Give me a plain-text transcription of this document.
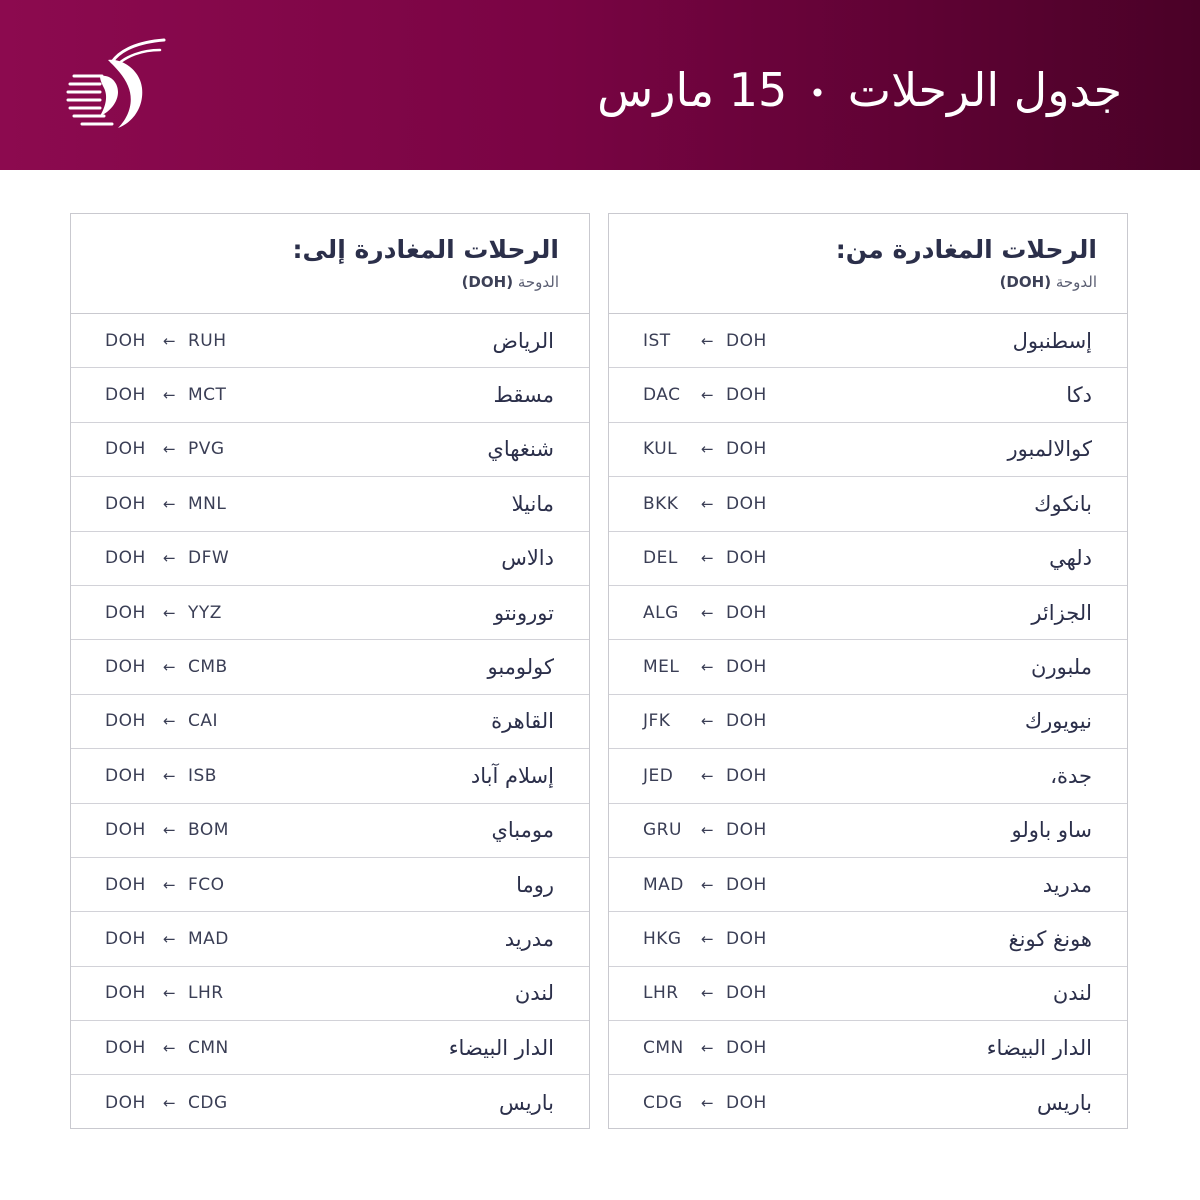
جدول الرحلات•15 مارس
الرحلات المغادرة من:
الدوحة (DOH)
إسطنبول
IST ← DOH
دكا
DAC ← DOH
كوالالمبور
KUL ← DOH
بانكوك
BKK ← DOH
دلهي
DEL ← DOH
الجزائر
ALG ← DOH
ملبورن
MEL ← DOH
نيويورك
JFK ← DOH
جدة،
JED ← DOH
ساو باولو
GRU ← DOH
مدريد
MAD ← DOH
هونغ كونغ
HKG ← DOH
لندن
LHR ← DOH
الدار البيضاء
CMN ← DOH
باريس
CDG ← DOH
الرحلات المغادرة إلى:
الدوحة (DOH)
الرياض
DOH ← RUH
مسقط
DOH ← MCT
شنغهاي
DOH ← PVG
مانيلا
DOH ← MNL
دالاس
DOH ← DFW
تورونتو
DOH ← YYZ
كولومبو
DOH ← CMB
القاهرة
DOH ← CAI
إسلام آباد
DOH ← ISB
مومباي
DOH ← BOM
روما
DOH ← FCO
مدريد
DOH ← MAD
لندن
DOH ← LHR
الدار البيضاء
DOH ← CMN
باريس
DOH ← CDG
